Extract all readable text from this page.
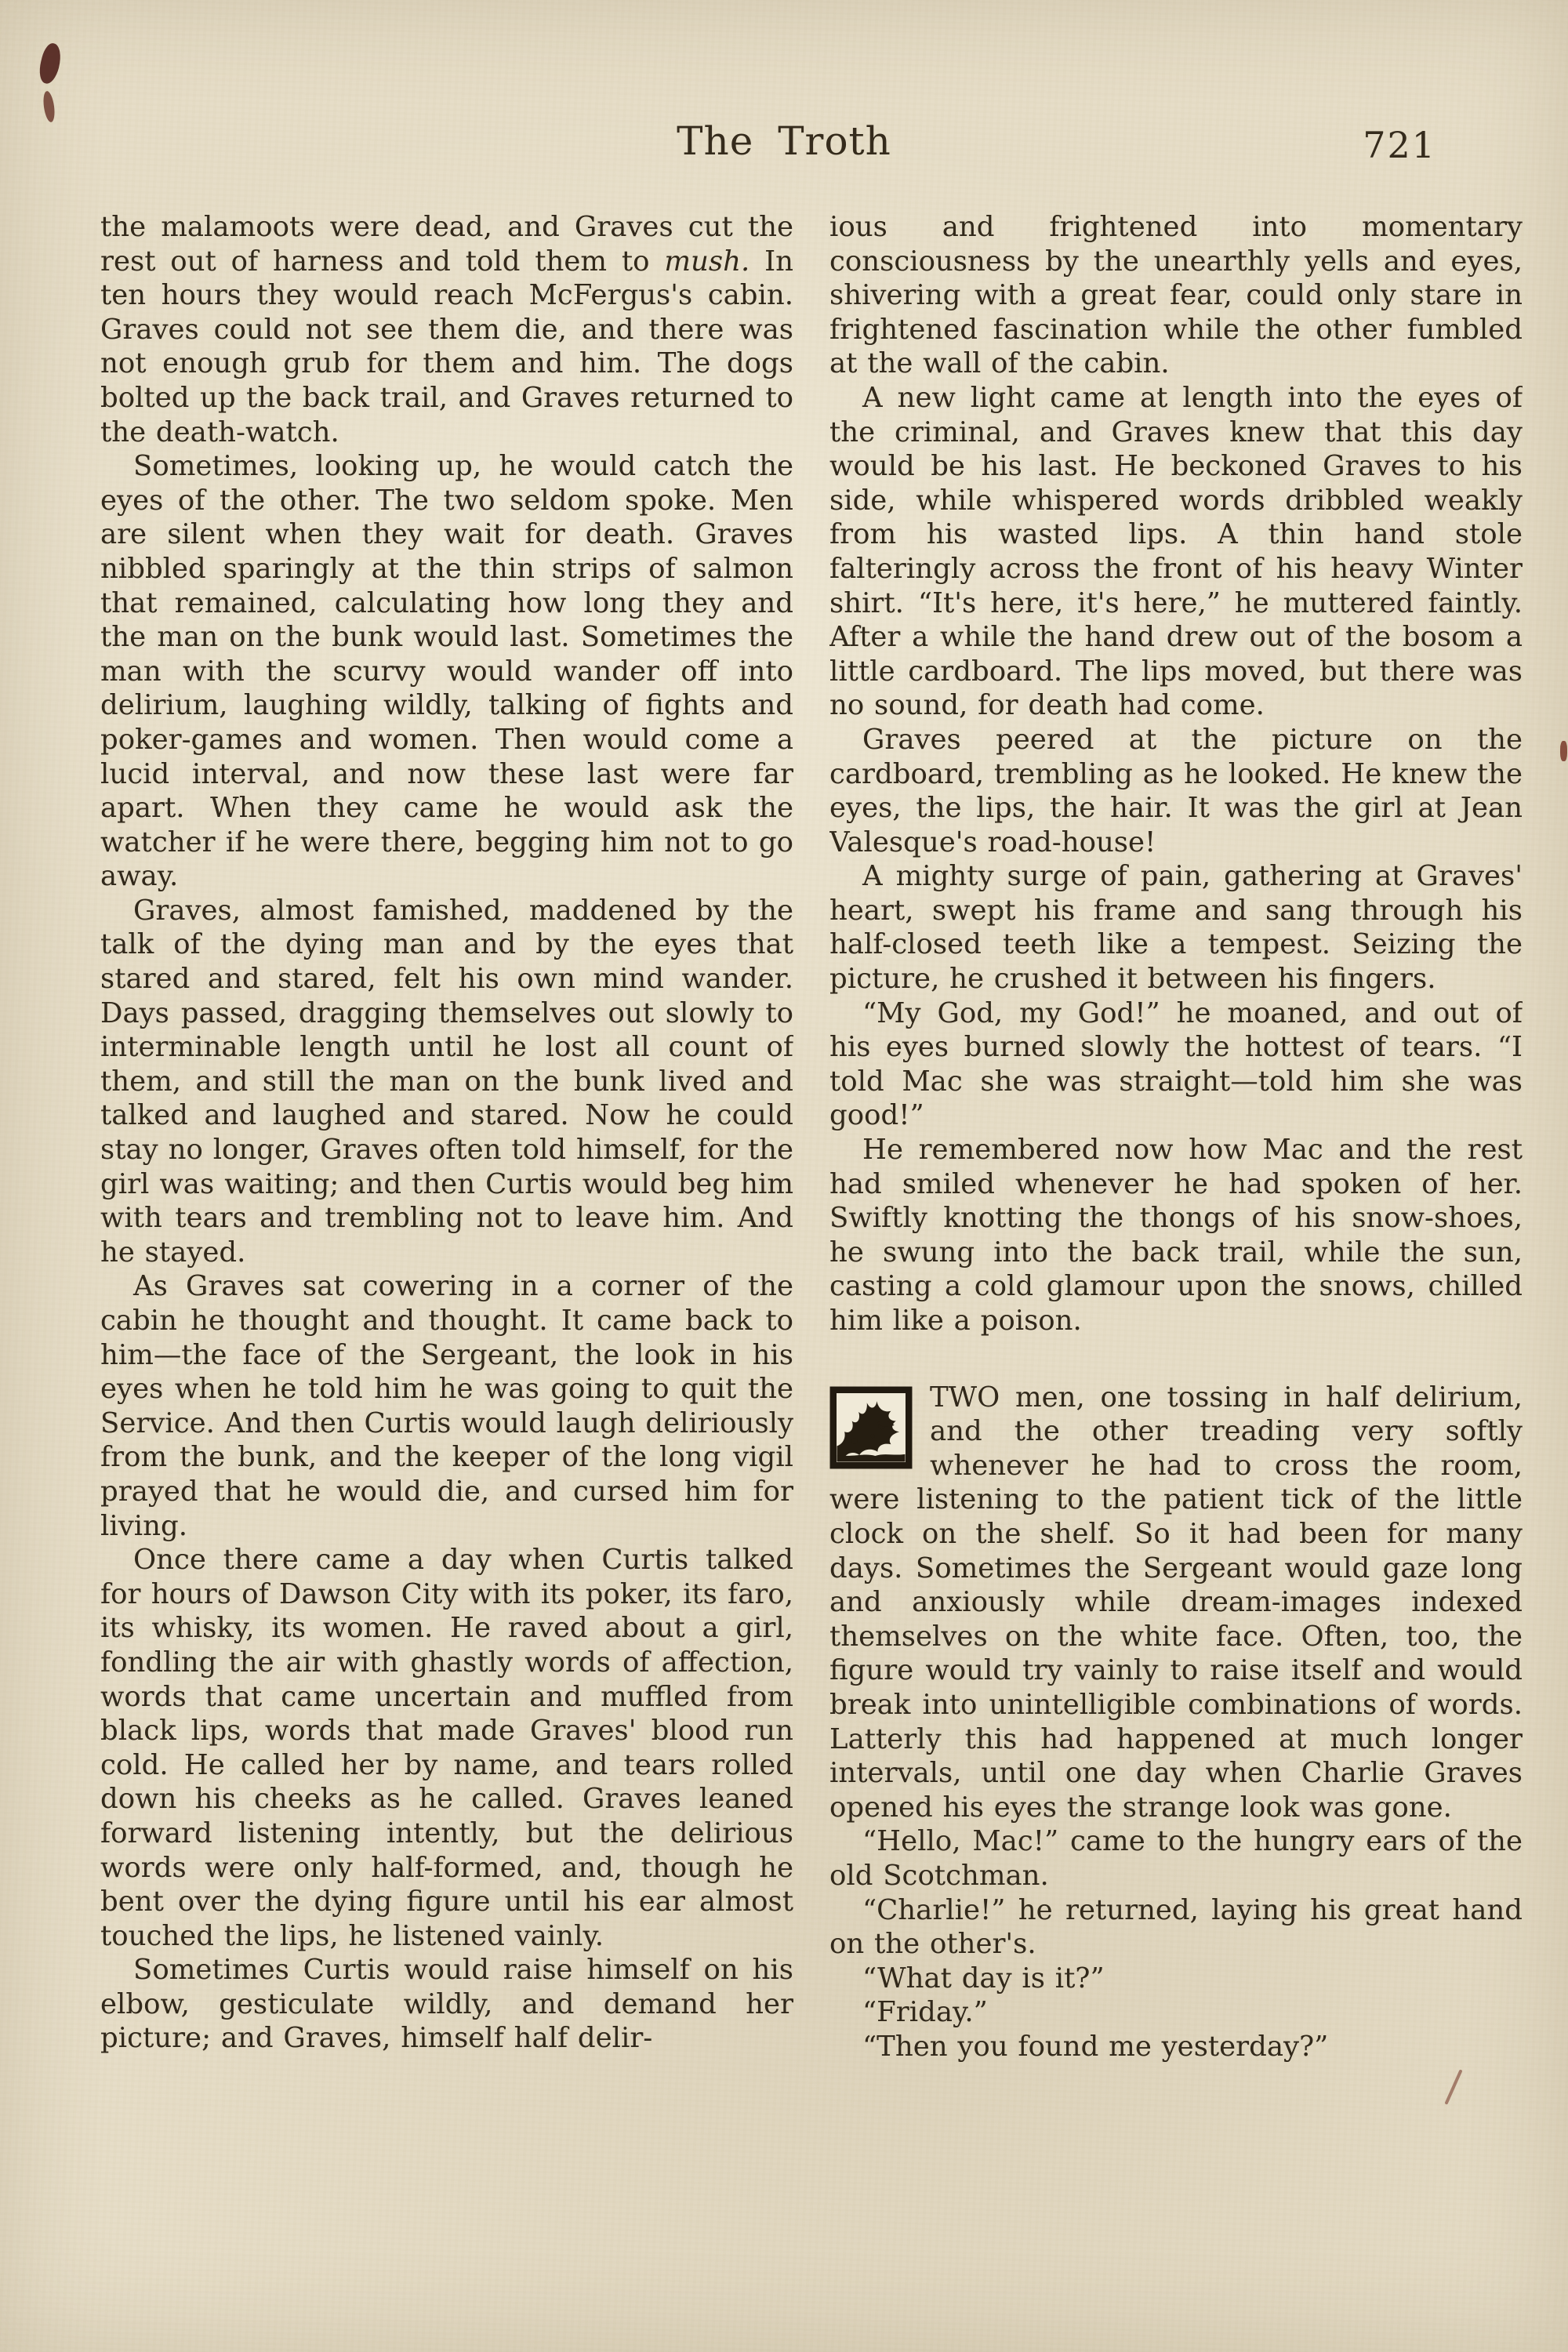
The Troth	721

the malamoots were dead, and Graves cut the rest out of harness and told them to mush. In ten hours they would reach McFergus's cabin. Graves could not see them die, and there was not enough grub for them and him. The dogs bolted up the back trail, and Graves returned to the death-watch.

Sometimes, looking up, he would catch the eyes of the other. The two seldom spoke. Men are silent when they wait for death. Graves nibbled sparingly at the thin strips of salmon that remained, calculating how long they and the man on the bunk would last. Sometimes the man with the scurvy would wander off into delirium, laughing wildly, talking of fights and poker-games and women. Then would come a lucid interval, and now these last were far apart. When they came he would ask the watcher if he were there, begging him not to go away.

Graves, almost famished, maddened by the talk of the dying man and by the eyes that stared and stared, felt his own mind wander. Days passed, dragging themselves out slowly to interminable length until he lost all count of them, and still the man on the bunk lived and talked and laughed and stared. Now he could stay no longer, Graves often told himself, for the girl was waiting; and then Curtis would beg him with tears and trembling not to leave him. And he stayed.

As Graves sat cowering in a corner of the cabin he thought and thought. It came back to him—the face of the Sergeant, the look in his eyes when he told him he was going to quit the Service. And then Curtis would laugh deliriously from the bunk, and the keeper of the long vigil prayed that he would die, and cursed him for living.

Once there came a day when Curtis talked for hours of Dawson City with its poker, its faro, its whisky, its women. He raved about a girl, fondling the air with ghastly words of affection, words that came uncertain and muffled from black lips, words that made Graves' blood run cold. He called her by name, and tears rolled down his cheeks as he called. Graves leaned forward listening intently, but the delirious words were only half-formed, and, though he bent over the dying figure until his ear almost touched the lips, he listened vainly.

Sometimes Curtis would raise himself on his elbow, gesticulate wildly, and demand her picture; and Graves, himself half delir-

ious and frightened into momentary consciousness by the unearthly yells and eyes, shivering with a great fear, could only stare in frightened fascination while the other fumbled at the wall of the cabin.

A new light came at length into the eyes of the criminal, and Graves knew that this day would be his last. He beckoned Graves to his side, while whispered words dribbled weakly from his wasted lips. A thin hand stole falteringly across the front of his heavy Winter shirt. “It's here, it's here,” he muttered faintly. After a while the hand drew out of the bosom a little cardboard. The lips moved, but there was no sound, for death had come.

Graves peered at the picture on the cardboard, trembling as he looked. He knew the eyes, the lips, the hair. It was the girl at Jean Valesque's road-house!

A mighty surge of pain, gathering at Graves' heart, swept his frame and sang through his half-closed teeth like a tempest. Seizing the picture, he crushed it between his fingers.

“My God, my God!” he moaned, and out of his eyes burned slowly the hottest of tears. “I told Mac she was straight—told him she was good!”

He remembered now how Mac and the rest had smiled whenever he had spoken of her. Swiftly knotting the thongs of his snow-shoes, he swung into the back trail, while the sun, casting a cold glamour upon the snows, chilled him like a poison.

TWO men, one tossing in half delirium, and the other treading very softly whenever he had to cross the room, were listening to the patient tick of the little clock on the shelf. So it had been for many days. Sometimes the Sergeant would gaze long and anxiously while dream-images indexed themselves on the white face. Often, too, the figure would try vainly to raise itself and would break into unintelligible combinations of words. Latterly this had happened at much longer intervals, until one day when Charlie Graves opened his eyes the strange look was gone.

“Hello, Mac!” came to the hungry ears of the old Scotchman.

“Charlie!” he returned, laying his great hand on the other's.

“What day is it?”

“Friday.”

“Then you found me yesterday?”
